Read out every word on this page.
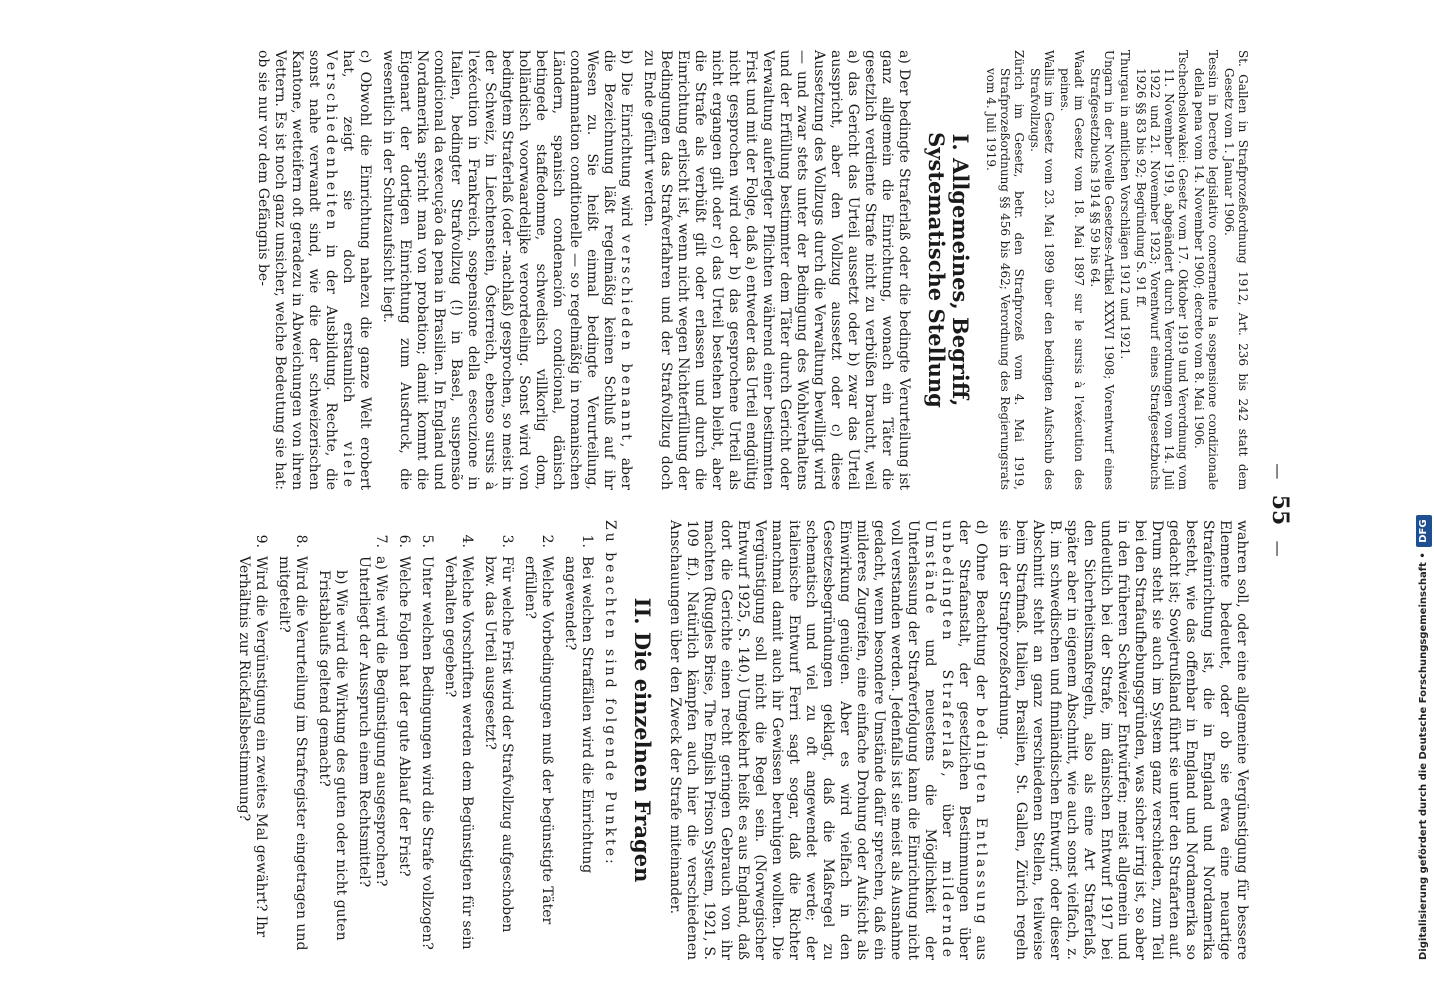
—  55  —

St. Gallen in Strafprozeßordnung 1912, Art. 236 bis 242 statt dem Gesetz vom 1. Januar 1906.

Tessin in Decreto legislativo concernente la sospensione condizionale della pena vom 14. November 1900; decreto vom 8. Mai 1906.

Tschechoslowakei: Gesetz vom 17. Oktober 1919 und Verordnung vom 11. November 1919, abgeändert durch Verordnungen vom 14. Juli 1922 und 21. November 1923; Vorentwurf eines Strafgesetzbuchs 1926 §§ 83 bis 92; Begründung S. 91 ff.

Thurgau in amtlichen Vorschlägen 1912 und 1921.

Ungarn in der Novelle Gesetzes-Artikel XXXVI 1908; Vorentwurf eines Strafgesetzbuchs 1914 §§ 59 bis 64.

Waadt im Gesetz vom 18. Mai 1897 sur le sursis à l'exécution des peines.

Wallis im Gesetz vom 23. Mai 1899 über den bedingten Aufschub des Strafvollzugs.

Zürich im Gesetz, betr. den Strafprozeß vom 4. Mai 1919, Strafprozeßordnung §§ 456 bis 462; Verordnung des Regierungsrats vom 4. Juli 1919.

I. Allgemeines, Begriff, Systematische Stellung

a) Der bedingte Straferlaß oder die bedingte Verurteilung ist ganz allgemein die Einrichtung, wonach ein Täter die gesetzlich verdiente Strafe nicht zu verbüßen braucht, weil a) das Gericht das Urteil aussetzt oder b) zwar das Urteil ausspricht, aber den Vollzug aussetzt oder c) diese Aussetzung des Vollzugs durch die Verwaltung bewilligt wird — und zwar stets unter der Bedingung des Wohlverhaltens und der Erfüllung bestimmter dem Täter durch Gericht oder Verwaltung auferlegter Pflichten während einer bestimmten Frist und mit der Folge, daß a) entweder das Urteil endgültig nicht gesprochen wird oder b) das gesprochene Urteil als nicht ergangen gilt oder c) das Urteil bestehen bleibt, aber die Strafe als verbüßt gilt oder erlassen und durch die Einrichtung erlischt ist, wenn nicht wegen Nichterfüllung der Bedingungen das Strafverfahren und der Strafvollzug doch zu Ende geführt werden.

b) Die Einrichtung wird verschieden benannt, aber die Bezeichnung läßt regelmäßig keinen Schluß auf ihr Wesen zu. Sie heißt einmal bedingte Verurteilung, condamnation conditionelle — so regelmäßig in romanischen Ländern, spanisch condenación condicional, dänisch betingede staffedomme, schwedisch villkorlig dom, holländisch voorwaardelijke veroordeeling. Sonst wird von bedingtem Straferlaß (oder -nachlaß) gesprochen, so meist in der Schweiz, in Liechtenstein, Österreich, ebenso sursis à l'exécution in Frankreich, sospensione della esecuzione in Italien, bedingter Strafvollzug (!) in Basel, suspensão condicional da execução da pena in Brasilien. In England und Nordamerika spricht man von probation; damit kommt die Eigenart der dortigen Einrichtung zum Ausdruck, die wesentlich in der Schutzaufsicht liegt.

c) Obwohl die Einrichtung nahezu die ganze Welt erobert hat, zeigt sie doch erstaunlich viele Verschiedenheiten in der Ausbildung. Rechte, die sonst nahe verwandt sind, wie die der schweizerischen Kantone, wetteifern oft geradezu in Abweichungen von ihren Vettern. Es ist noch ganz unsicher, welche Bedeutung sie hat: ob sie nur vor dem Gefängnis be-

wahren soll, oder eine allgemeine Vergünstigung für bessere Elemente bedeutet, oder ob sie etwa eine neuartige Strafeinrichtung ist, die in England und Nordamerika besteht, wie das offenbar in England und Nordamerika so gedacht ist; Sowjetrußland führt sie unter den Strafarten auf. Drum steht sie auch im System ganz verschieden, zum Teil bei den Strafaufhebungsgründen, was sicher irrig ist, so aber in den früheren Schweizer Entwürfen; meist allgemein und undeutlich bei der Strafe, im dänischen Entwurf 1917 bei den Sicherheitsmaßregeln, also als eine Art Straferlaß, später aber in eigenem Abschnitt, wie auch sonst vielfach, z. B. im schwedischen und finnländischen Entwurf; oder dieser Abschnitt steht an ganz verschiedenen Stellen, teilweise beim Strafmaß. Italien, Brasilien, St. Gallen, Zürich regeln sie in der Strafprozeßordnung.

d) Ohne Beachtung der bedingten Entlassung aus der Strafanstalt, der gesetzlichen Bestimmungen über unbedingten Straferlaß, über mildernde Umstände und neuestens die Möglichkeit der Unterlassung der Strafverfolgung kann die Einrichtung nicht voll verstanden werden. Jedenfalls ist sie meist als Ausnahme gedacht, wenn besondere Umstände dafür sprechen, daß ein milderes Zugreifen, eine einfache Drohung oder Aufsicht als Einwirkung genügen. Aber es wird vielfach in den Gesetzesbegründungen geklagt, daß die Maßregel zu schematisch und viel zu oft angewendet werde; der italienische Entwurf Ferri sagt sogar, daß die Richter manchmal damit auch ihr Gewissen beruhigen wollten. Die Vergünstigung soll nicht die Regel sein. (Norwegischer Entwurf 1925, S. 140.) Umgekehrt heißt es aus England, daß dort die Gerichte einen recht geringen Gebrauch von ihr machten (Ruggles Brise, The English Prison System, 1921, S. 109 ff.). Natürlich kämpfen auch hier die verschiedenen Anschauungen über den Zweck der Strafe miteinander.

II. Die einzelnen Fragen

Zu beachten sind folgende Punkte:

1.
Bei welchen Straffällen wird die Einrichtung angewendet?
2.
Welche Vorbedingungen muß der begünstigte Täter erfüllen?
3.
Für welche Frist wird der Strafvollzug aufgeschoben bzw. das Urteil ausgesetzt?
4.
Welche Vorschriften werden dem Begünstigten für sein Verhalten gegeben?
5.
Unter welchen Bedingungen wird die Strafe vollzogen?
6.
Welche Folgen hat der gute Ablauf der Frist?
7.
a) Wie wird die Begünstigung ausgesprochen? Unterliegt der Ausspruch einem Rechtsmittel?
b) Wie wird die Wirkung des guten oder nicht guten Fristablaufs geltend gemacht?
8.
Wird die Verurteilung im Strafregister eingetragen und mitgeteilt?
9.
Wird die Vergünstigung ein zweites Mal gewährt? Ihr Verhältnis zur Rückfallsbestimmung?	Digitalisierung gefördert durch die Deutsche Forschungsgemeinschaft • DFG
